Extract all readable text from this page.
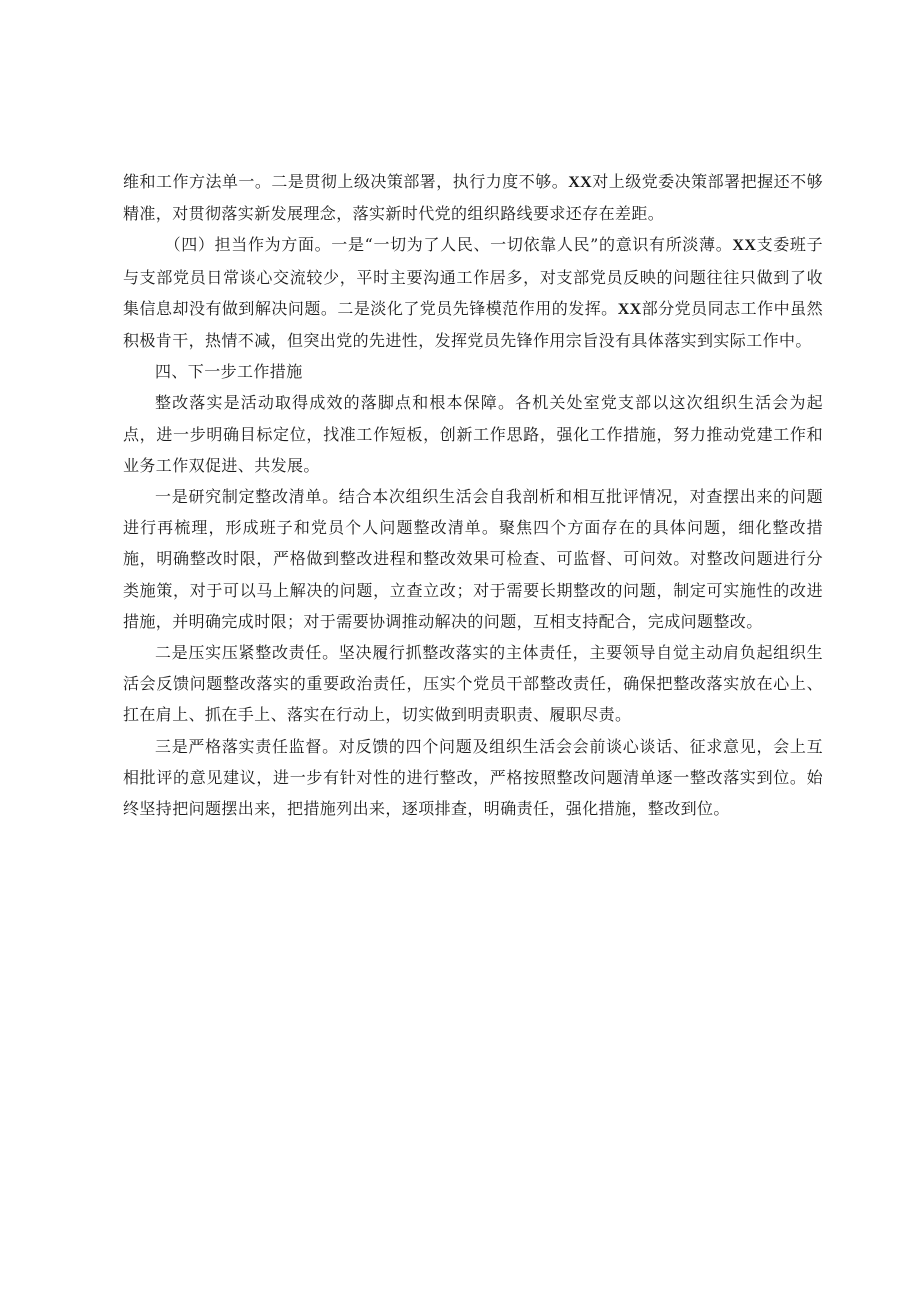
维和工作方法单一。二是贯彻上级决策部署，执行力度不够。XX对上级党委决策部署把握还不够精准，对贯彻落实新发展理念，落实新时代党的组织路线要求还存在差距。

（四）担当作为方面。一是“一切为了人民、一切依靠人民”的意识有所淡薄。XX支委班子与支部党员日常谈心交流较少，平时主要沟通工作居多，对支部党员反映的问题往往只做到了收集信息却没有做到解决问题。二是淡化了党员先锋模范作用的发挥。XX部分党员同志工作中虽然积极肯干，热情不减，但突出党的先进性，发挥党员先锋作用宗旨没有具体落实到实际工作中。

四、下一步工作措施

整改落实是活动取得成效的落脚点和根本保障。各机关处室党支部以这次组织生活会为起点，进一步明确目标定位，找准工作短板，创新工作思路，强化工作措施，努力推动党建工作和业务工作双促进、共发展。

一是研究制定整改清单。结合本次组织生活会自我剖析和相互批评情况，对查摆出来的问题进行再梳理，形成班子和党员个人问题整改清单。聚焦四个方面存在的具体问题，细化整改措施，明确整改时限，严格做到整改进程和整改效果可检查、可监督、可问效。对整改问题进行分类施策，对于可以马上解决的问题，立查立改；对于需要长期整改的问题，制定可实施性的改进措施，并明确完成时限；对于需要协调推动解决的问题，互相支持配合，完成问题整改。

二是压实压紧整改责任。坚决履行抓整改落实的主体责任，主要领导自觉主动肩负起组织生活会反馈问题整改落实的重要政治责任，压实个党员干部整改责任，确保把整改落实放在心上、扛在肩上、抓在手上、落实在行动上，切实做到明责职责、履职尽责。

三是严格落实责任监督。对反馈的四个问题及组织生活会会前谈心谈话、征求意见，会上互相批评的意见建议，进一步有针对性的进行整改，严格按照整改问题清单逐一整改落实到位。始终坚持把问题摆出来，把措施列出来，逐项排查，明确责任，强化措施，整改到位。
